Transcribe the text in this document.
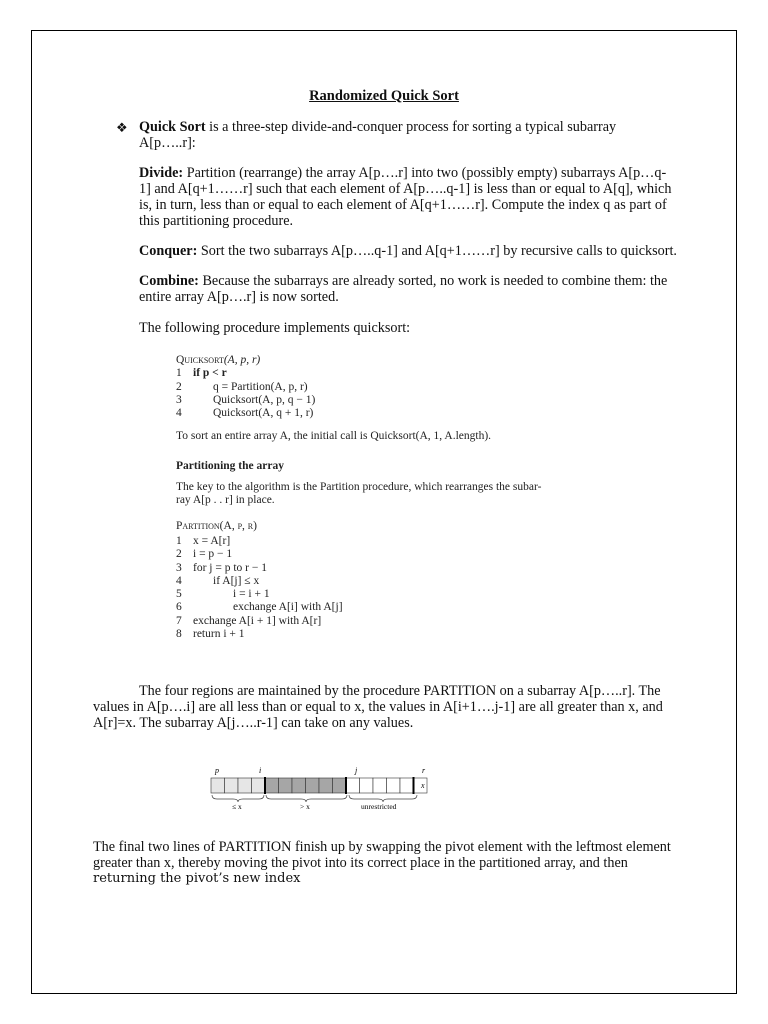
Randomized Quick Sort
❖ Quick Sort is a three-step divide-and-conquer process for sorting a typical subarray
A[p…..r]:
Divide: Partition (rearrange) the array A[p….r] into two (possibly empty) subarrays A[p…q-
1] and A[q+1……r] such that each element of A[p…..q-1] is less than or equal to A[q], which
is, in turn, less than or equal to each element of A[q+1……r]. Compute the index q as part of
this partitioning procedure.
Conquer: Sort the two subarrays A[p…..q-1] and A[q+1……r] by recursive calls to quicksort.
Combine: Because the subarrays are already sorted, no work is needed to combine them: the
entire array A[p….r] is now sorted.
The following procedure implements quicksort:
Quicksort(A, p, r)
1 if p < r
2	q = Partition(A, p, r)
3	Quicksort(A, p, q − 1)
4	Quicksort(A, q + 1, r)
To sort an entire array A, the initial call is Quicksort(A, 1, A.length).
Partitioning the array
The key to the algorithm is the Partition procedure, which rearranges the subar-
ray A[p . . r] in place.
Partition(A, p, r)
1 x = A[r]
2 i = p − 1
3 for j = p to r − 1
4	if A[j] ≤ x
5	i = i + 1
6	exchange A[i] with A[j]
7 exchange A[i + 1] with A[r]
8 return i + 1
The four regions are maintained by the procedure PARTITION on a subarray A[p…..r]. The
values in A[p….i] are all less than or equal to x, the values in A[i+1….j-1] are all greater than x, and
A[r]=x. The subarray A[j…..r-1] can take on any values.
p	i	j	r
x
≤ x	> x	unrestricted
The final two lines of PARTITION finish up by swapping the pivot element with the leftmost element
greater than x, thereby moving the pivot into its correct place in the partitioned array, and then
returning the pivot’s new index
